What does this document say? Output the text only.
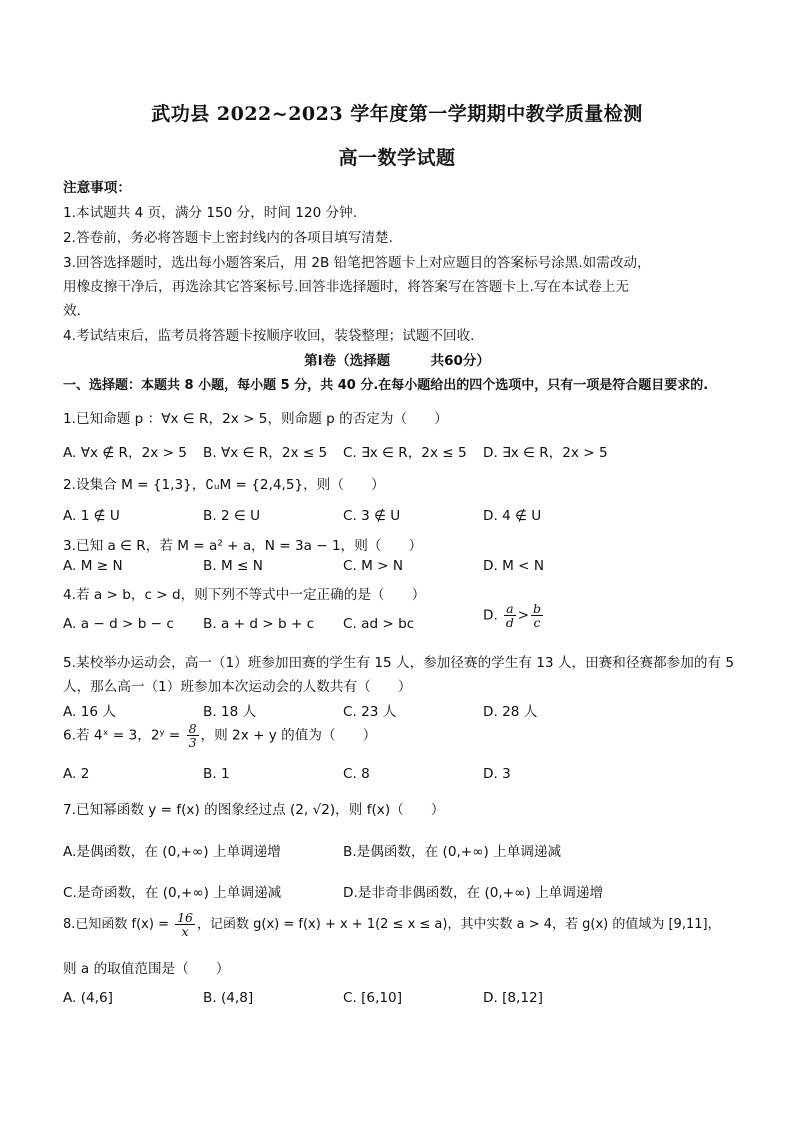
武功县 2022~2023 学年度第一学期期中教学质量检测
高一数学试题
注意事项：
1.本试题共 4 页，满分 150 分，时间 120 分钟.
2.答卷前，务必将答题卡上密封线内的各项目填写清楚.
3.回答选择题时，选出每小题答案后，用 2B 铅笔把答题卡上对应题目的答案标号涂黑.如需改动，
用橡皮擦干净后，再选涂其它答案标号.回答非选择题时，将答案写在答题卡上.写在本试卷上无
效.
4.考试结束后，监考员将答题卡按顺序收回，装袋整理；试题不回收.
第Ⅰ卷（选择题　　　共60分）
一、选择题：本题共 8 小题，每小题 5 分，共 40 分.在每小题给出的四个选项中，只有一项是符合题目要求的.
1.已知命题 p ：∀x ∈ R，2x > 5，则命题 p 的否定为（　　）
A. ∀x ∉ R，2x > 5 B. ∀x ∈ R，2x ≤ 5 C. ∃x ∈ R，2x ≤ 5 D. ∃x ∈ R，2x > 5
2.设集合 M = {1,3}，∁ᵤM = {2,4,5}，则（　　）
A. 1 ∉ U	B. 2 ∈ U	C. 3 ∉ U	D. 4 ∉ U
3.已知 a ∈ R，若 M = a² + a，N = 3a − 1，则（　　）
A. M ≥ N	B. M ≤ N	C. M > N	D. M < N
4.若 a > b，c > d，则下列不等式中一定正确的是（　　）
A. a − d > b − c B. a + d > b + c C. ad > bc
D. $\frac{a}{d} > \frac{b}{c}$
5.某校举办运动会，高一（1）班参加田赛的学生有 15 人，参加径赛的学生有 13 人，田赛和径赛都参加的有 5
人，那么高一（1）班参加本次运动会的人数共有（　　）
A. 16 人	B. 18 人	C. 23 人	D. 28 人
6.若 4ˣ = 3，2ʸ = $\frac{8}{3}$ ，则 2x + y 的值为（　　）
A. 2	B. 1	C. 8	D. 3
7.已知幂函数 y = f(x) 的图象经过点 (2, √2)，则 f(x)（　　）
A.是偶函数，在 (0,+∞) 上单调递增	B.是偶函数，在 (0,+∞) 上单调递减
C.是奇函数，在 (0,+∞) 上单调递减	D.是非奇非偶函数，在 (0,+∞) 上单调递增
8.已知函数 $f(x) = \frac{16}{x}$ ，记函数 g(x) = f(x) + x + 1(2 ≤ x ≤ a)，其中实数 a > 4，若 g(x) 的值域为 [9,11]，
则 a 的取值范围是（　　）
A. (4,6]	B. (4,8]	C. [6,10]	D. [8,12]
